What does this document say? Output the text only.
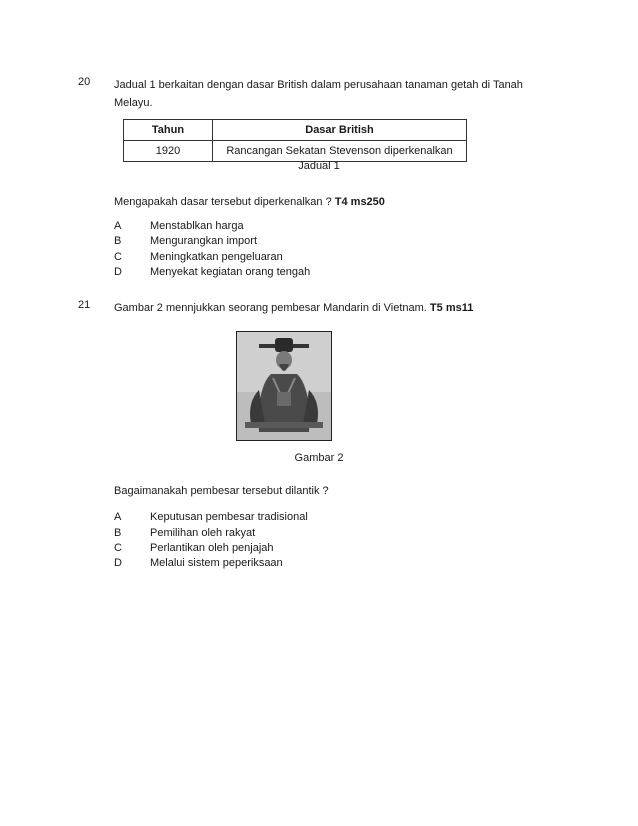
20 Jadual 1 berkaitan dengan dasar British dalam perusahaan tanaman getah di Tanah
Melayu.
Tahun	Dasar British
1920	Rancangan Sekatan Stevenson diperkenalkan
Jadual 1
Mengapakah dasar tersebut diperkenalkan ? T4 ms250
A	Menstablkan harga
B	Mengurangkan import
C	Meningkatkan pengeluaran
D	Menyekat kegiatan orang tengah
21 Gambar 2 mennjukkan seorang pembesar Mandarin di Vietnam. T5 ms11
Gambar 2
Bagaimanakah pembesar tersebut dilantik ?
A	Keputusan pembesar tradisional
B	Pemilihan oleh rakyat
C	Perlantikan oleh penjajah
D	Melalui sistem peperiksaan
